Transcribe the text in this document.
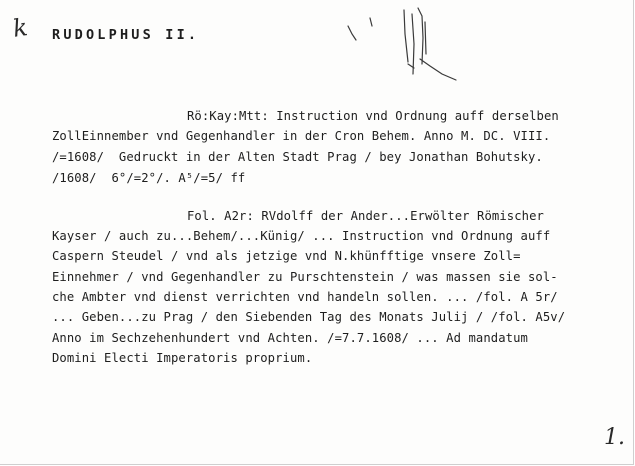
k RUDOLPHUS II.

Rö:Kay:Mtt: Instruction vnd Ordnung auff derselben

ZollEinnember vnd Gegenhandler in der Cron Behem. Anno M. DC. VIII.

/=1608/  Gedruckt in der Alten Stadt Prag / bey Jonathan Bohutsky.

/1608/  6°/=2°/. A⁵/=5/ ff

Fol. A2r: RVdolff der Ander...Erwölter Römischer

Kayser / auch zu...Behem/...Künig/ ... Instruction vnd Ordnung auff

Caspern Steudel / vnd als jetzige vnd N.khünfftige vnsere Zoll=

Einnehmer / vnd Gegenhandler zu Purschtenstein / was massen sie sol-

che Ambter vnd dienst verrichten vnd handeln sollen. ... /fol. A 5r/

... Geben...zu Prag / den Siebenden Tag des Monats Julij / /fol. A5v/

Anno im Sechzehenhundert vnd Achten. /=7.7.1608/ ... Ad mandatum

Domini Electi Imperatoris proprium.

1.
